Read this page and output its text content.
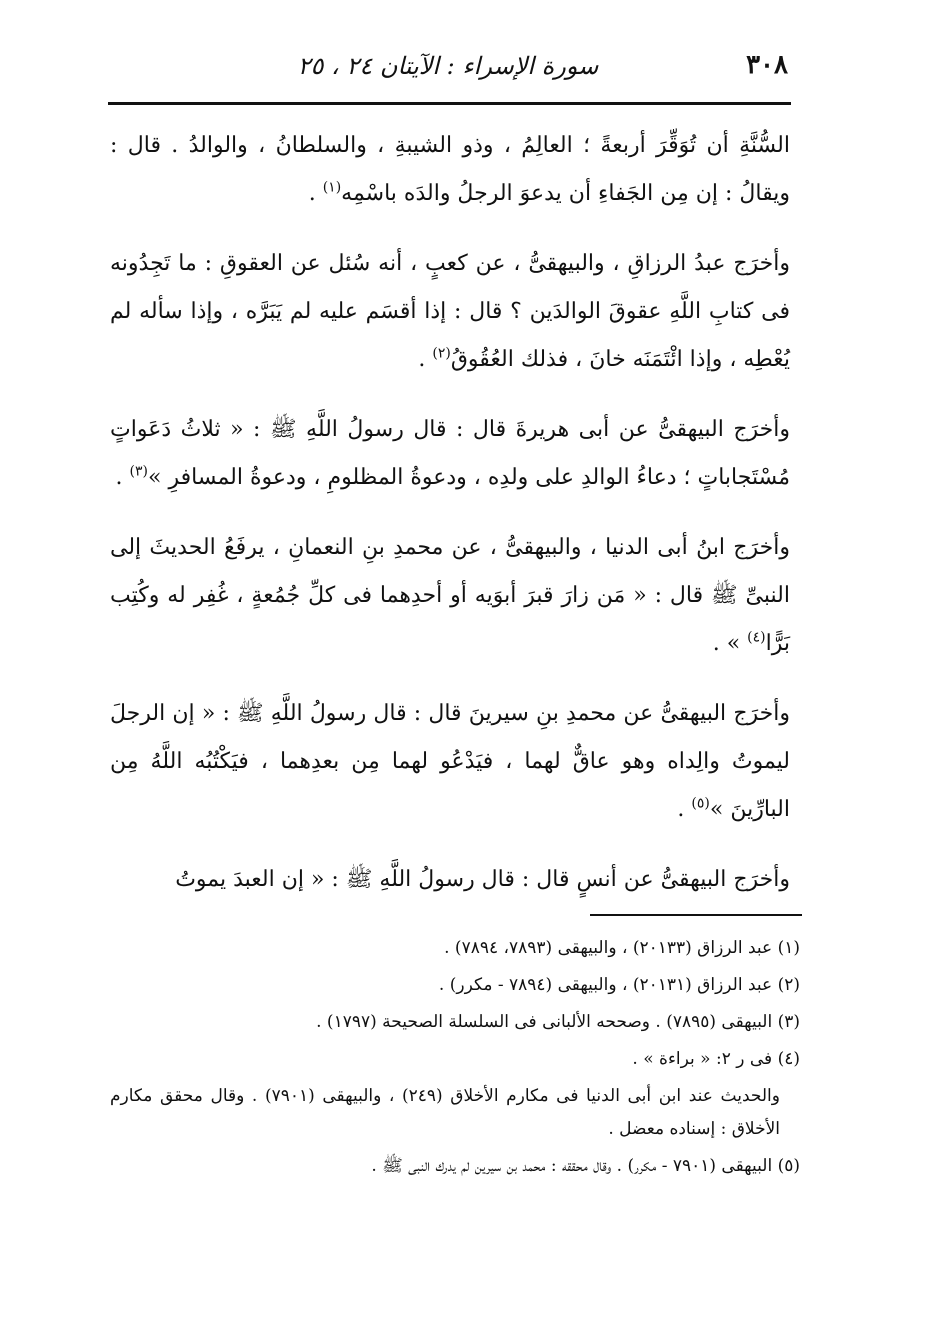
٣٠٨
سورة الإسراء : الآيتان ٢٤ ، ٢٥

السُّنَّةِ أن تُوَقِّرَ أربعةً ؛ العالِمُ ، وذو الشيبةِ ، والسلطانُ ، والوالدُ . قال : ويقالُ : إن مِن الجَفاءِ أن يدعوَ الرجلُ والدَه باسْمِه$^{(١)}$ .

وأخرَج عبدُ الرزاقِ ، والبيهقىُّ ، عن كعبٍ ، أنه سُئل عن العقوقِ : ما تَجِدُونه فى كتابِ اللَّهِ عقوقَ الوالدَين ؟ قال : إذا أقسَم عليه لم يَبَرَّه ، وإذا سأله لم يُعْطِه ، وإذا ائْتَمَنَه خانَ ، فذلك العُقُوقُ$^{(٢)}$ .

وأخرَج البيهقىُّ عن أبى هريرةَ قال : قال رسولُ اللَّهِ ﷺ : « ثلاثُ دَعَواتٍ مُسْتَجاباتٍ ؛ دعاءُ الوالدِ على ولدِه ، ودعوةُ المظلومِ ، ودعوةُ المسافرِ »$^{(٣)}$ .

وأخرَج ابنُ أبى الدنيا ، والبيهقىُّ ، عن محمدِ بنِ النعمانِ ، يرفَعُ الحديثَ إلى النبىِّ ﷺ قال : « مَن زارَ قبرَ أبوَيه أو أحدِهما فى كلِّ جُمُعةٍ ، غُفِر له وكُتِب بَرًّا$^{(٤)}$ » .

وأخرَج البيهقىُّ عن محمدِ بنِ سيرينَ قال : قال رسولُ اللَّهِ ﷺ : « إن الرجلَ ليموتُ والِداه وهو عاقٌّ لهما ، فيَدْعُو لهما مِن بعدِهما ، فيَكْتُبُه اللَّهُ مِن البارِّينَ »$^{(٥)}$ .

وأخرَج البيهقىُّ عن أنسٍ قال : قال رسولُ اللَّهِ ﷺ : « إن العبدَ يموتُ

(١) عبد الرزاق (٢٠١٣٣) ، والبيهقى (٧٨٩٣، ٧٨٩٤) .

(٢) عبد الرزاق (٢٠١٣١) ، والبيهقى (٧٨٩٤ - مكرر) .

(٣) البيهقى (٧٨٩٥) . وصححه الألبانى فى السلسلة الصحيحة (١٧٩٧) .

(٤) فى ر ٢: « براءة » .

والحديث عند ابن أبى الدنيا فى مكارم الأخلاق (٢٤٩) ، والبيهقى (٧٩٠١) . وقال محقق مكارم الأخلاق : إسناده معضل .

(٥) البيهقى (٧٩٠١ - مكرر) . وقال محققه : محمد بن سيرين لم يدرك النبى ﷺ .
